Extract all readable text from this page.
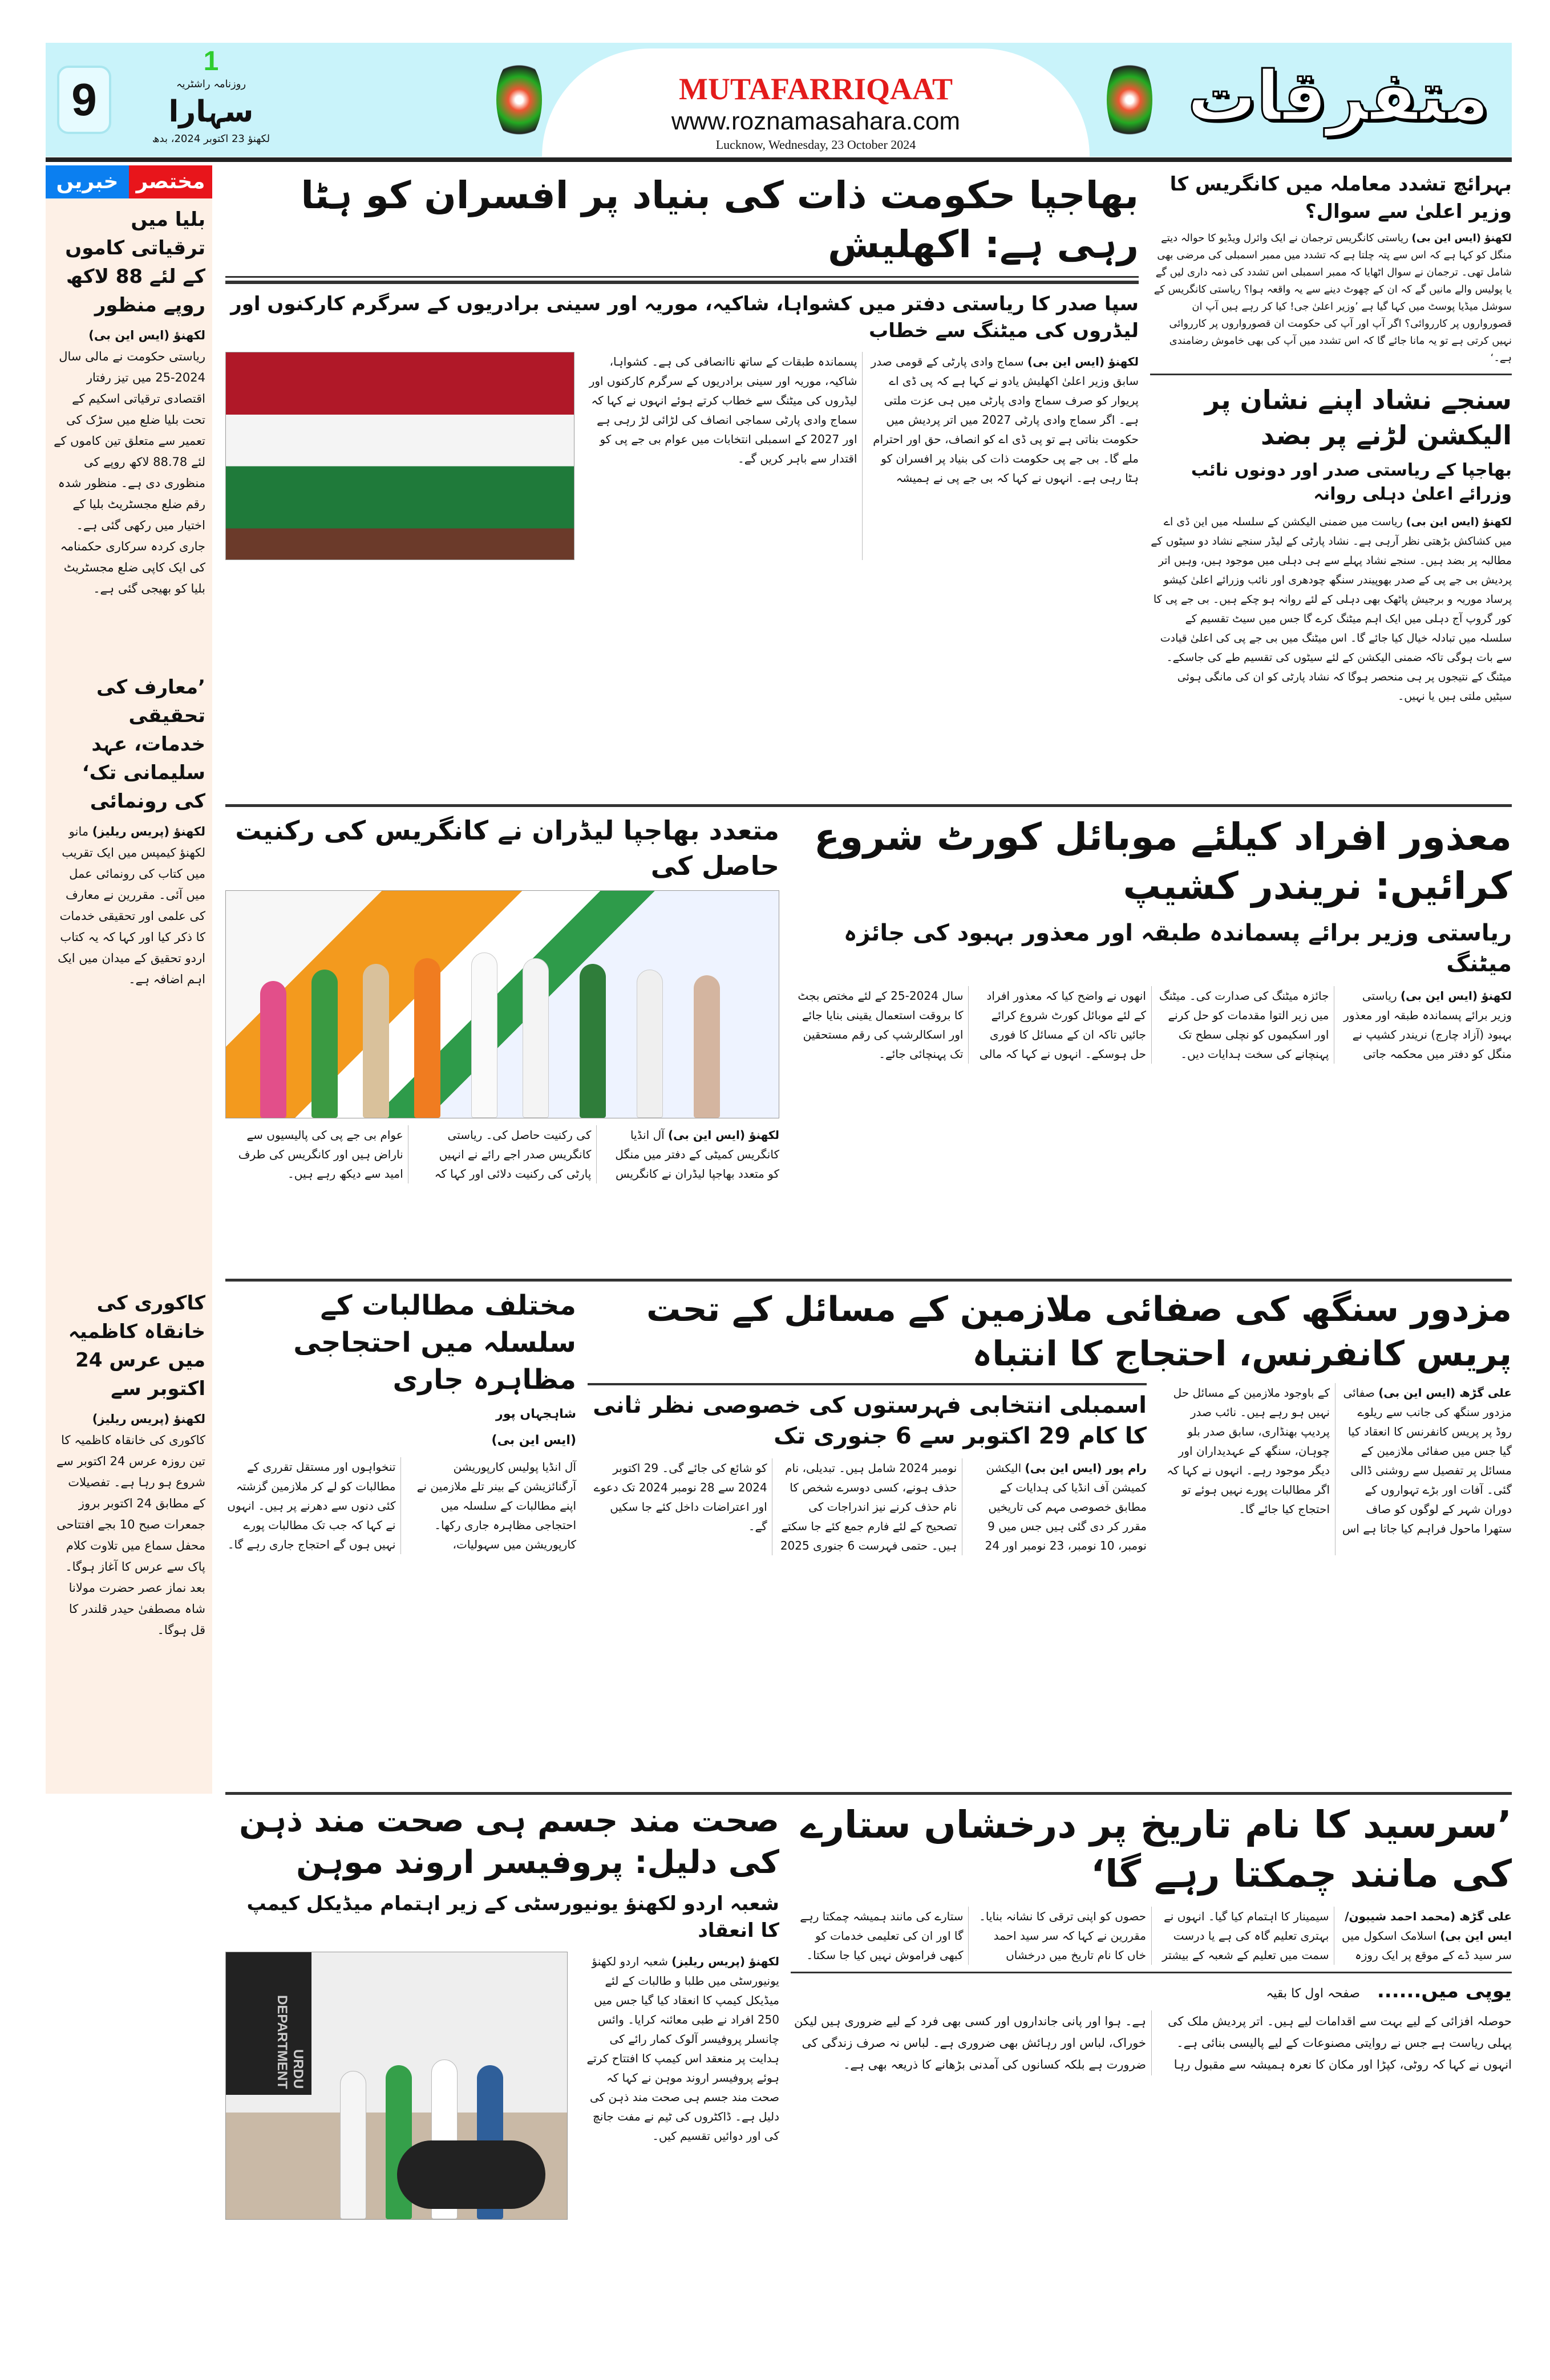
9
1
روزنامہ راشٹریہ
سہارا
لکھنؤ 23 اکتوبر 2024، بدھ
MUTAFARRIQAAT
www.roznamasahara.com
Lucknow, Wednesday, 23 October 2024
متفرقات
خبریں مختصر
بلیا میں ترقیاتی کاموں کے لئے 88 لاکھ روپے منظور

لکھنؤ (ایس این بی) ریاستی حکومت نے مالی سال 2024-25 میں تیز رفتار اقتصادی ترقیاتی اسکیم کے تحت بلیا ضلع میں سڑک کی تعمیر سے متعلق تین کاموں کے لئے 88.78 لاکھ روپے کی منظوری دی ہے۔ منظور شدہ رقم ضلع مجسٹریٹ بلیا کے اختیار میں رکھی گئی ہے۔ جاری کردہ سرکاری حکمنامہ کی ایک کاپی ضلع مجسٹریٹ بلیا کو بھیجی گئی ہے۔

’معارف کی تحقیقی خدمات، عہد سلیمانی تک‘ کی رونمائی

لکھنؤ (پریس ریلیز) مانو لکھنؤ کیمپس میں ایک تقریب میں کتاب کی رونمائی عمل میں آئی۔ مقررین نے معارف کی علمی اور تحقیقی خدمات کا ذکر کیا اور کہا کہ یہ کتاب اردو تحقیق کے میدان میں ایک اہم اضافہ ہے۔

کاکوری کی خانقاہ کاظمیہ میں عرس 24 اکتوبر سے

لکھنؤ (پریس ریلیز) کاکوری کی خانقاہ کاظمیہ کا تین روزہ عرس 24 اکتوبر سے شروع ہو رہا ہے۔ تفصیلات کے مطابق 24 اکتوبر بروز جمعرات صبح 10 بجے افتتاحی محفل سماع میں تلاوت کلام پاک سے عرس کا آغاز ہوگا۔ بعد نماز عصر حضرت مولانا شاہ مصطفیٰ حیدر قلندر کا قل ہوگا۔

بہرائچ تشدد معاملہ میں کانگریس کا وزیر اعلیٰ سے سوال؟
لکھنؤ (ایس این بی) ریاستی کانگریس ترجمان نے ایک وائرل ویڈیو کا حوالہ دیتے منگل کو کہا ہے کہ اس سے پتہ چلتا ہے کہ تشدد میں ممبر اسمبلی کی مرضی بھی شامل تھی۔ ترجمان نے سوال اٹھایا کہ ممبر اسمبلی اس تشدد کی ذمہ داری لیں گے یا پولیس والے مانیں گے کہ ان کے چھوٹ دینے سے یہ واقعہ ہوا؟ ریاستی کانگریس کے سوشل میڈیا پوسٹ میں کہا گیا ہے ’وزیر اعلیٰ جی! کیا کر رہے ہیں آپ ان قصورواروں پر کارروائی؟ اگر آپ اور آپ کی حکومت ان قصورواروں پر کارروائی نہیں کرتی ہے تو یہ مانا جائے گا کہ اس تشدد میں آپ کی بھی خاموش رضامندی ہے۔‘
سنجے نشاد اپنے نشان پر الیکشن لڑنے پر بضد
بھاجپا کے ریاستی صدر اور دونوں نائب وزرائے اعلیٰ دہلی روانہ
لکھنؤ (ایس این بی) ریاست میں ضمنی الیکشن کے سلسلہ میں این ڈی اے میں کشاکش بڑھتی نظر آرہی ہے۔ نشاد پارٹی کے لیڈر سنجے نشاد دو سیٹوں کے مطالبہ پر بضد ہیں۔ سنجے نشاد پہلے سے ہی دہلی میں موجود ہیں، وہیں اتر پردیش بی جے پی کے صدر بھوپیندر سنگھ چودھری اور نائب وزرائے اعلیٰ کیشو پرساد موریہ و برجیش پاٹھک بھی دہلی کے لئے روانہ ہو چکے ہیں۔ بی جے پی کا کور گروپ آج دہلی میں ایک اہم میٹنگ کرے گا جس میں سیٹ تقسیم کے سلسلہ میں تبادلہ خیال کیا جائے گا۔ اس میٹنگ میں بی جے پی کی اعلیٰ قیادت سے بات ہوگی تاکہ ضمنی الیکشن کے لئے سیٹوں کی تقسیم طے کی جاسکے۔ میٹنگ کے نتیجوں پر ہی منحصر ہوگا کہ نشاد پارٹی کو ان کی مانگی ہوئی سیٹیں ملتی ہیں یا نہیں۔
بھاجپا حکومت ذات کی بنیاد پر افسران کو ہٹا رہی ہے: اکھلیش
سپا صدر کا ریاستی دفتر میں کشواہا، شاکیہ، موریہ اور سینی برادریوں کے سرگرم کارکنوں اور لیڈروں کی میٹنگ سے خطاب
لکھنؤ (ایس این بی) سماج وادی پارٹی کے قومی صدر سابق وزیر اعلیٰ اکھلیش یادو نے کہا ہے کہ پی ڈی اے پریوار کو صرف سماج وادی پارٹی میں ہی عزت ملتی ہے۔ اگر سماج وادی پارٹی 2027 میں اتر پردیش میں حکومت بناتی ہے تو پی ڈی اے کو انصاف، حق اور احترام ملے گا۔ بی جے پی حکومت ذات کی بنیاد پر افسران کو ہٹا رہی ہے۔ انہوں نے کہا کہ بی جے پی نے ہمیشہ پسماندہ طبقات کے ساتھ ناانصافی کی ہے۔ کشواہا، شاکیہ، موریہ اور سینی برادریوں کے سرگرم کارکنوں اور لیڈروں کی میٹنگ سے خطاب کرتے ہوئے انہوں نے کہا کہ سماج وادی پارٹی سماجی انصاف کی لڑائی لڑ رہی ہے اور 2027 کے اسمبلی انتخابات میں عوام بی جے پی کو اقتدار سے باہر کریں گے۔
معذور افراد کیلئے موبائل کورٹ شروع کرائیں: نریندر کشیپ
ریاستی وزیر برائے پسماندہ طبقہ اور معذور بہبود کی جائزہ میٹنگ
لکھنؤ (ایس این بی) ریاستی وزیر برائے پسماندہ طبقہ اور معذور بہبود (آزاد چارج) نریندر کشیپ نے منگل کو دفتر میں محکمہ جاتی جائزہ میٹنگ کی صدارت کی۔ میٹنگ میں زیر التوا مقدمات کو حل کرنے اور اسکیموں کو نچلی سطح تک پہنچانے کی سخت ہدایات دیں۔ انھوں نے واضح کیا کہ معذور افراد کے لئے موبائل کورٹ شروع کرائے جائیں تاکہ ان کے مسائل کا فوری حل ہوسکے۔ انہوں نے کہا کہ مالی سال 2024-25 کے لئے مختص بجٹ کا بروقت استعمال یقینی بنایا جائے اور اسکالرشپ کی رقم مستحقین تک پہنچائی جائے۔
متعدد بھاجپا لیڈران نے کانگریس کی رکنیت حاصل کی
لکھنؤ (ایس این بی) آل انڈیا کانگریس کمیٹی کے دفتر میں منگل کو متعدد بھاجپا لیڈران نے کانگریس کی رکنیت حاصل کی۔ ریاستی کانگریس صدر اجے رائے نے انہیں پارٹی کی رکنیت دلائی اور کہا کہ عوام بی جے پی کی پالیسیوں سے ناراض ہیں اور کانگریس کی طرف امید سے دیکھ رہے ہیں۔
مزدور سنگھ کی صفائی ملازمین کے مسائل کے تحت پریس کانفرنس، احتجاج کا انتباہ
علی گڑھ (ایس این بی) صفائی مزدور سنگھ کی جانب سے ریلوے روڈ پر پریس کانفرنس کا انعقاد کیا گیا جس میں صفائی ملازمین کے مسائل پر تفصیل سے روشنی ڈالی گئی۔ آفات اور بڑے تہواروں کے دوران شہر کے لوگوں کو صاف ستھرا ماحول فراہم کیا جاتا ہے اس کے باوجود ملازمین کے مسائل حل نہیں ہو رہے ہیں۔ نائب صدر پردیپ بھنڈاری، سابق صدر بلو چوہان، سنگھ کے عہدیداران اور دیگر موجود رہے۔ انہوں نے کہا کہ اگر مطالبات پورے نہیں ہوئے تو احتجاج کیا جائے گا۔
اسمبلی انتخابی فہرستوں کی خصوصی نظر ثانی کا کام 29 اکتوبر سے 6 جنوری تک
رام پور (ایس این بی) الیکشن کمیشن آف انڈیا کی ہدایات کے مطابق خصوصی مہم کی تاریخیں مقرر کر دی گئی ہیں جس میں 9 نومبر، 10 نومبر، 23 نومبر اور 24 نومبر 2024 شامل ہیں۔ تبدیلی، نام حذف ہونے، کسی دوسرے شخص کا نام حذف کرنے نیز اندراجات کی تصحیح کے لئے فارم جمع کئے جا سکتے ہیں۔ حتمی فہرست 6 جنوری 2025 کو شائع کی جائے گی۔ 29 اکتوبر 2024 سے 28 نومبر 2024 تک دعوے اور اعتراضات داخل کئے جا سکیں گے۔
مختلف مطالبات کے سلسلہ میں احتجاجی مظاہرہ جاری
شاہجہاں پور
(ایس این بی)
آل انڈیا پولیس کارپوریشن آرگنائزیشن کے بینر تلے ملازمین نے اپنے مطالبات کے سلسلہ میں احتجاجی مظاہرہ جاری رکھا۔ کارپوریشن میں سہولیات، تنخواہوں اور مستقل تقرری کے مطالبات کو لے کر ملازمین گزشتہ کئی دنوں سے دھرنے پر ہیں۔ انہوں نے کہا کہ جب تک مطالبات پورے نہیں ہوں گے احتجاج جاری رہے گا۔
’سرسید کا نام تاریخ پر درخشاں ستارے کی مانند چمکتا رہے گا‘
علی گڑھ (محمد احمد شیبون/ ایس این بی) اسلامک اسکول میں سر سید ڈے کے موقع پر ایک روزہ سیمینار کا اہتمام کیا گیا۔ انہوں نے بہتری تعلیم گاہ کی ہے یا درست سمت میں تعلیم کے شعبہ کے بیشتر حصوں کو اپنی ترقی کا نشانہ بنایا۔ مقررین نے کہا کہ سر سید احمد خاں کا نام تاریخ میں درخشاں ستارے کی مانند ہمیشہ چمکتا رہے گا اور ان کی تعلیمی خدمات کو کبھی فراموش نہیں کیا جا سکتا۔
یوپی میں......
صفحہ اول کا بقیہ
حوصلہ افزائی کے لیے بہت سے اقدامات لیے ہیں۔ اتر پردیش ملک کی پہلی ریاست ہے جس نے روایتی مصنوعات کے لیے پالیسی بنائی ہے۔ انہوں نے کہا کہ روٹی، کپڑا اور مکان کا نعرہ ہمیشہ سے مقبول رہا ہے۔ ہوا اور پانی جانداروں اور کسی بھی فرد کے لیے ضروری ہیں لیکن خوراک، لباس اور رہائش بھی ضروری ہے۔ لباس نہ صرف زندگی کی ضرورت ہے بلکہ کسانوں کی آمدنی بڑھانے کا ذریعہ بھی ہے۔
صحت مند جسم ہی صحت مند ذہن کی دلیل: پروفیسر اروند موہن
شعبہ اردو لکھنؤ یونیورسٹی کے زیر اہتمام میڈیکل کیمپ کا انعقاد
لکھنؤ (پریس ریلیز) شعبہ اردو لکھنؤ یونیورسٹی میں طلبا و طالبات کے لئے میڈیکل کیمپ کا انعقاد کیا گیا جس میں 250 افراد نے طبی معائنہ کرایا۔ وائس چانسلر پروفیسر آلوک کمار رائے کی ہدایت پر منعقد اس کیمپ کا افتتاح کرتے ہوئے پروفیسر اروند موہن نے کہا کہ صحت مند جسم ہی صحت مند ذہن کی دلیل ہے۔ ڈاکٹروں کی ٹیم نے مفت جانچ کی اور دوائیں تقسیم کیں۔
URDU DEPARTMENT
